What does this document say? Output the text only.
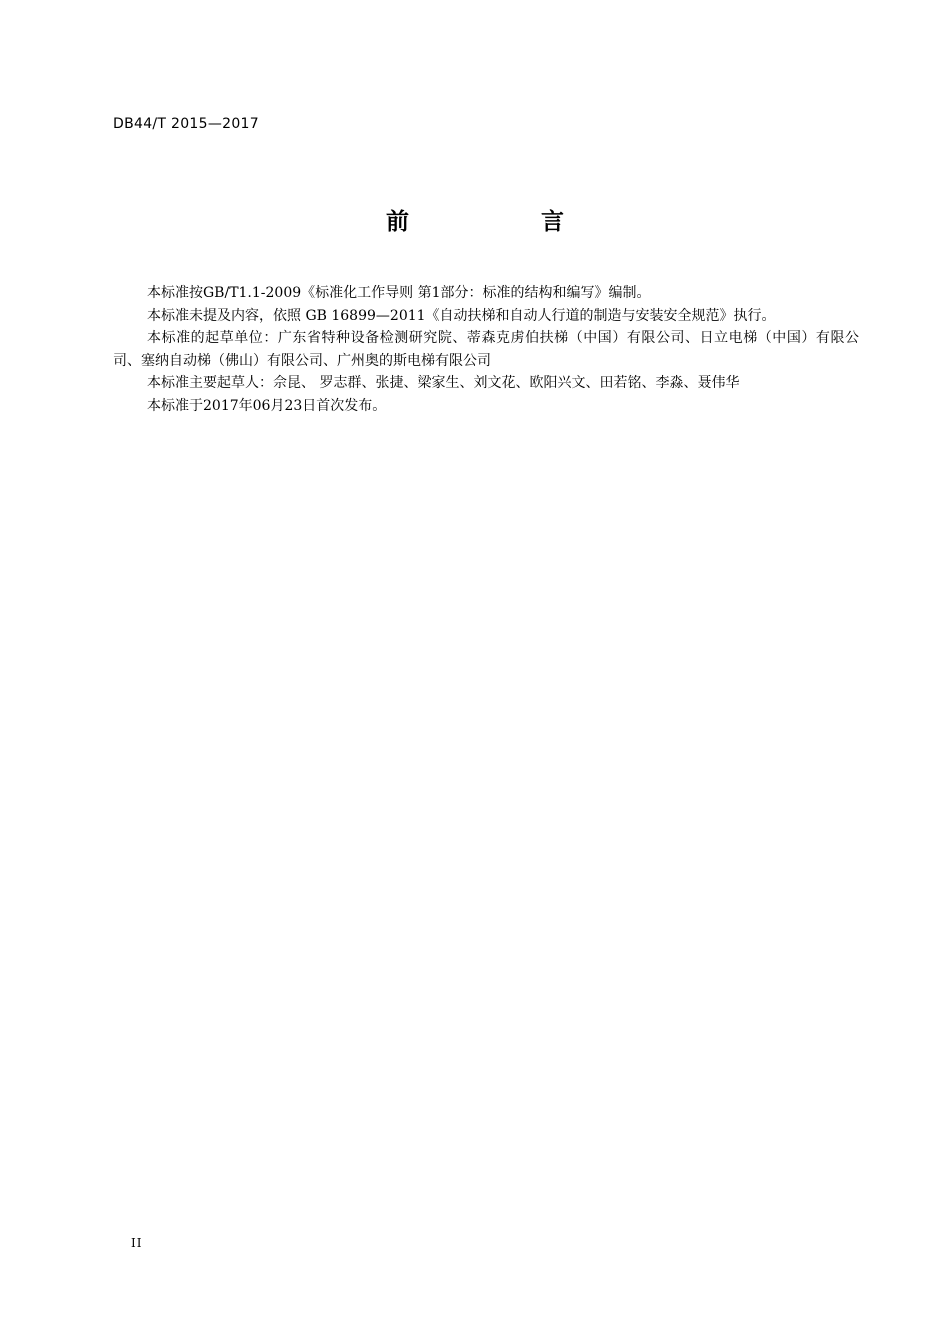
DB44/T 2015—2017
前 言

本标准按GB/T1.1-2009《标准化工作导则 第1部分：标准的结构和编写》编制。

本标准未提及内容，依照 GB 16899—2011《自动扶梯和自动人行道的制造与安装安全规范》执行。

本标准的起草单位：广东省特种设备检测研究院、蒂森克虏伯扶梯（中国）有限公司、日立电梯（中国）有限公司、塞纳自动梯（佛山）有限公司、广州奥的斯电梯有限公司

本标准主要起草人：佘昆、 罗志群、张捷、梁家生、刘文花、欧阳兴文、田若铭、李淼、聂伟华

本标准于2017年06月23日首次发布。

II
